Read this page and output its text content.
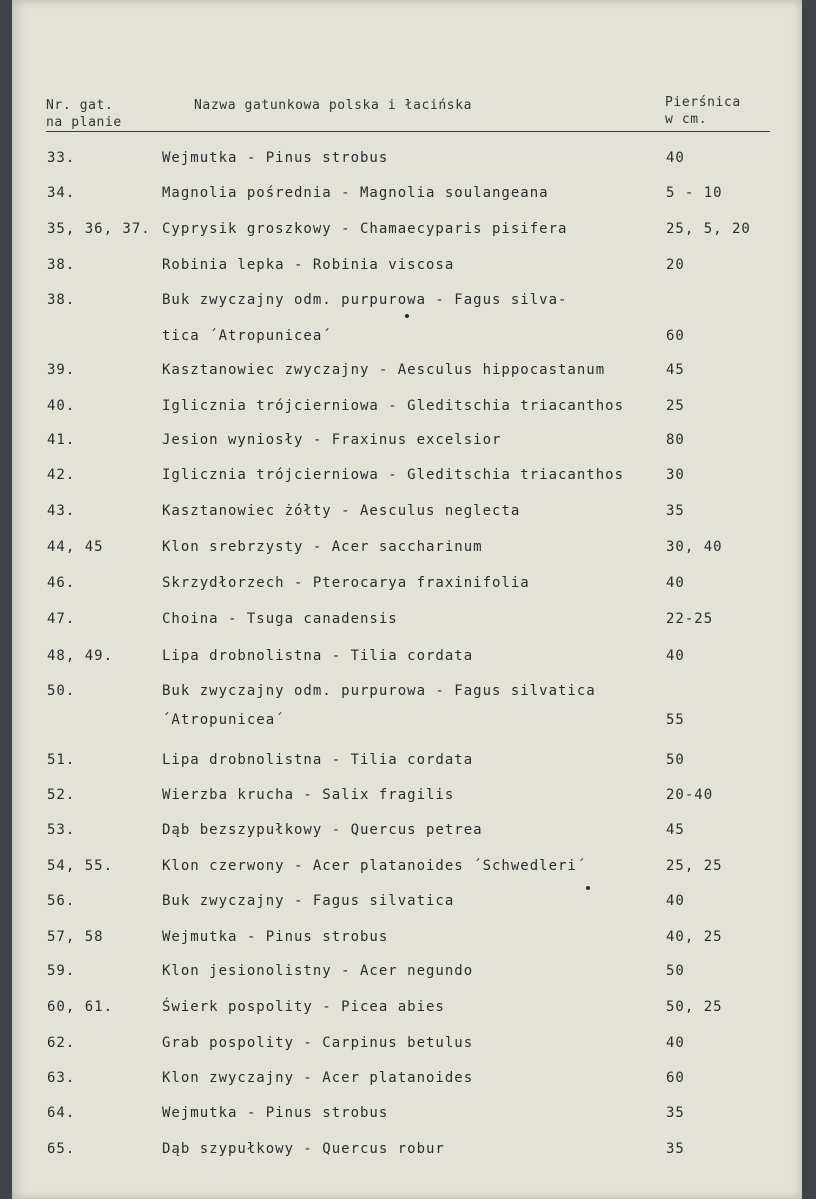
Nr. gat.
na planie
Nazwa gatunkowa polska i łacińska	Pierśnica
w cm.
33.	Wejmutka - Pinus strobus	40
34.	Magnolia pośrednia - Magnolia soulangeana	5 - 10
35, 36, 37. Cyprysik groszkowy - Chamaecyparis pisifera	25, 5, 20
38.	Robinia lepka - Robinia viscosa	20
38.	Buk zwyczajny odm. purpurowa - Fagus silva-
tica ´Atropunicea´	60
39.	Kasztanowiec zwyczajny - Aesculus hippocastanum	45
40.	Iglicznia trójcierniowa - Gleditschia triacanthos	25
41.	Jesion wyniosły - Fraxinus excelsior	80
42.	Iglicznia trójcierniowa - Gleditschia triacanthos	30
43.	Kasztanowiec żółty - Aesculus neglecta	35
44, 45	Klon srebrzysty - Acer saccharinum	30, 40
46.	Skrzydłorzech - Pterocarya fraxinifolia	40
47.	Choina - Tsuga canadensis	22-25
48, 49.	Lipa drobnolistna - Tilia cordata	40
50.	Buk zwyczajny odm. purpurowa - Fagus silvatica
´Atropunicea´	55
51.	Lipa drobnolistna - Tilia cordata	50
52.	Wierzba krucha - Salix fragilis	20-40
53.	Dąb bezszypułkowy - Quercus petrea	45
54, 55.	Klon czerwony - Acer platanoides ´Schwedleri´	25, 25
56.	Buk zwyczajny - Fagus silvatica	40
57, 58	Wejmutka - Pinus strobus	40, 25
59.	Klon jesionolistny - Acer negundo	50
60, 61.	Świerk pospolity - Picea abies	50, 25
62.	Grab pospolity - Carpinus betulus	40
63.	Klon zwyczajny - Acer platanoides	60
64.	Wejmutka - Pinus strobus	35
65.	Dąb szypułkowy - Quercus robur	35
